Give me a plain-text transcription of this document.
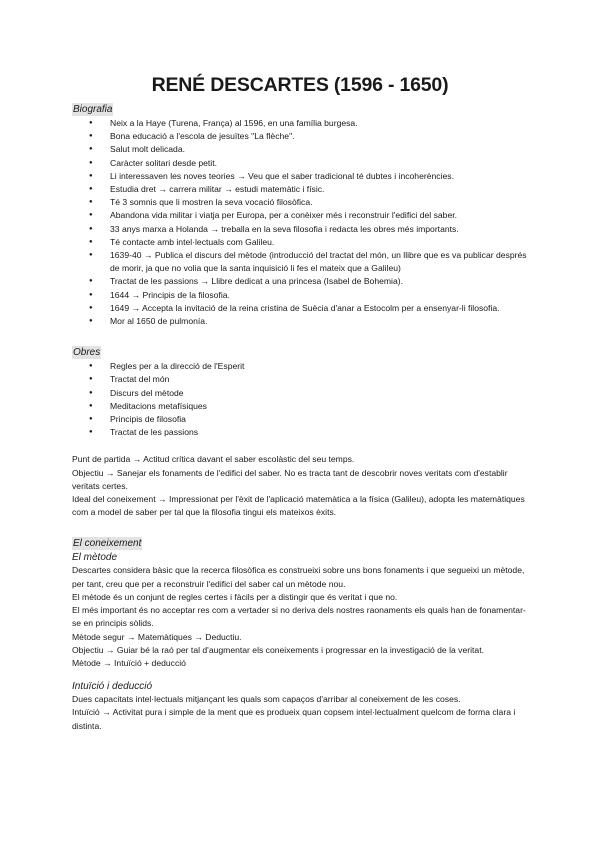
RENÉ DESCARTES (1596 - 1650)
Biografia
● Neix a la Haye (Turena, França) al 1596, en una família burgesa.
● Bona educació a l'escola de jesuïtes "La flèche".
● Salut molt delicada.
● Caràcter solitari desde petit.
● Li interessaven les noves teories → Veu que el saber tradicional té dubtes i incoherències.
● Estudia dret → carrera militar → estudi matemàtic i físic.
● Té 3 somnis que li mostren la seva vocació filosòfica.
● Abandona vida militar i viatja per Europa, per a conèixer més i reconstruir l'edifici del saber.
● 33 anys marxa a Holanda → treballa en la seva filosofia i redacta les obres més importants.
● Té contacte amb intel·lectuals com Galileu.
● 1639-40 → Publica el discurs del mètode (introducció del tractat del món, un llibre que es va publicar després de morir, ja que no volia que la santa inquisició li fes el mateix que a Galileu)
● Tractat de les passions → Llibre dedicat a una princesa (Isabel de Bohemia).
● 1644 → Principis de la filosofia.
● 1649 → Accepta la invitació de la reina cristina de Suècia d'anar a Estocolm per a ensenyar-li filosofia.
● Mor al 1650 de pulmonía.
Obres
● Regles per a la direcció de l'Esperit
● Tractat del món
● Discurs del mètode
● Meditacions metafísiques
● Principis de filosofia
● Tractat de les passions

Punt de partida → Actitud crítica davant el saber escolàstic del seu temps.

Objectiu → Sanejar els fonaments de l'edifici del saber. No es tracta tant de descobrir noves veritats com d'establir veritats certes.

Ideal del coneixement → Impressionat per l'èxit de l'aplicació matemàtica a la física (Galileu), adopta les matemàtiques com a model de saber per tal que la filosofia tingui els mateixos èxits.

El coneixement
El mètode

Descartes considera bàsic que la recerca filosòfica es construeixi sobre uns bons fonaments i que segueixi un mètode, per tant, creu que per a reconstruir l'edifici del saber cal un mètode nou.

El mètode és un conjunt de regles certes i fàcils per a distingir que és veritat i que no.

El més important és no acceptar res com a vertader si no deriva dels nostres raonaments els quals han de fonamentar-se en principis sòlids.

Mètode segur → Matemàtiques → Deductiu.

Objectiu → Guiar bé la raó per tal d'augmentar els coneixements i progressar en la investigació de la veritat.

Mètode → Intuïció + deducció

Intuïció i deducció

Dues capacitats intel·lectuals mitjançant les quals som capaços d'arribar al coneixement de les coses.

Intuïció → Activitat pura i simple de la ment que es produeix quan copsem intel·lectualment quelcom de forma clara i distinta.
